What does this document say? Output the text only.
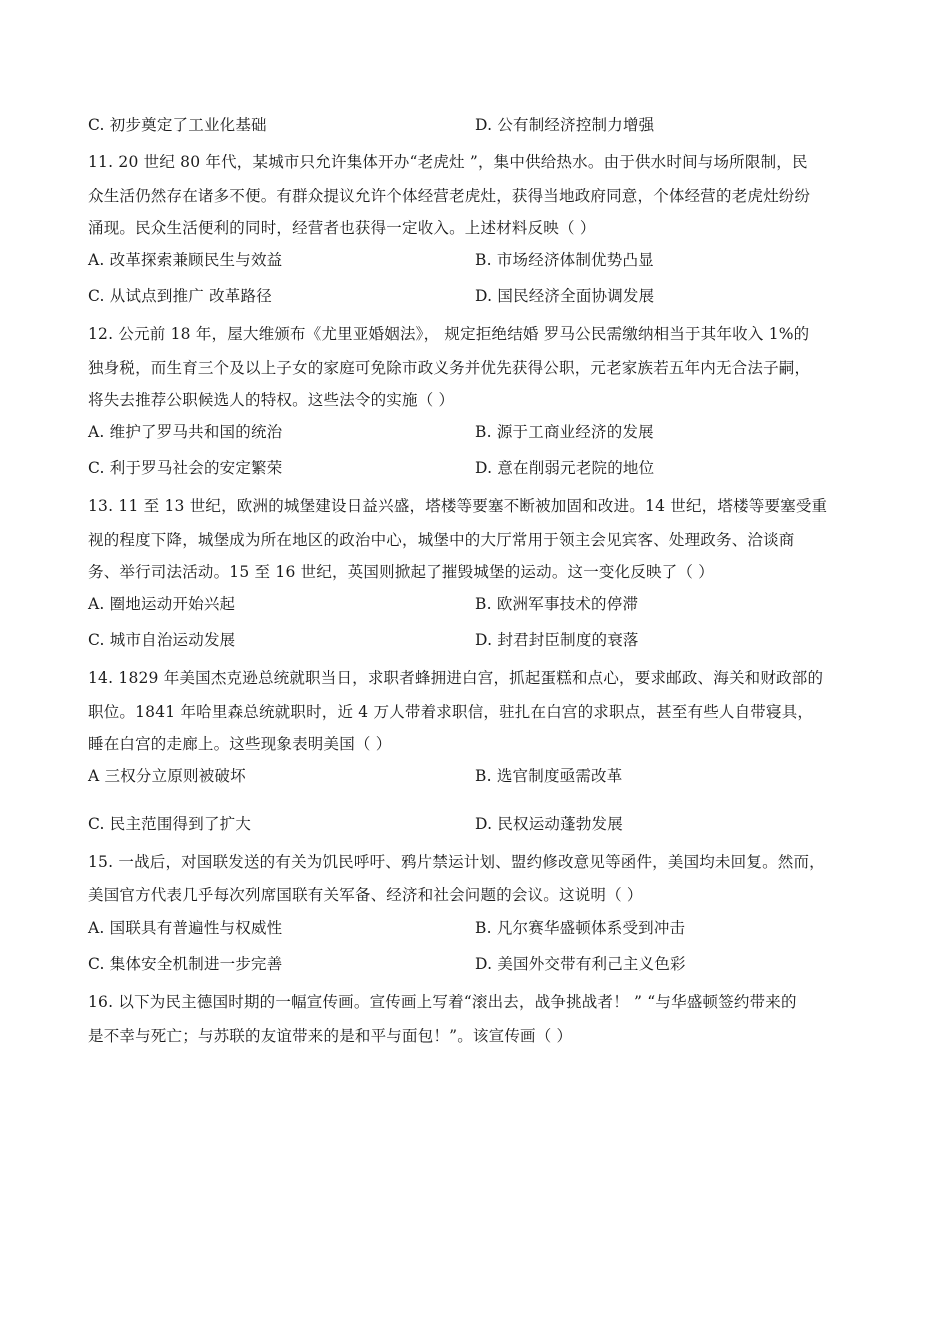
C. 初步奠定了工业化基础	D. 公有制经济控制力增强
11. 20 世纪 80 年代，某城市只允许集体开办“老虎灶 ”，集中供给热水。由于供水时间与场所限制，民
众生活仍然存在诸多不便。有群众提议允许个体经营老虎灶，获得当地政府同意，个体经营的老虎灶纷纷
涌现。民众生活便利的同时，经营者也获得一定收入。上述材料反映（ ）
A. 改革探索兼顾民生与效益	B. 市场经济体制优势凸显
C. 从试点到推广 改革路径	D. 国民经济全面协调发展
12. 公元前 18 年，屋大维颁布《尤里亚婚姻法》， 规定拒绝结婚 罗马公民需缴纳相当于其年收入 1%的
独身税，而生育三个及以上子女的家庭可免除市政义务并优先获得公职，元老家族若五年内无合法子嗣，
将失去推荐公职候选人的特权。这些法令的实施（ ）
A. 维护了罗马共和国的统治	B. 源于工商业经济的发展
C. 利于罗马社会的安定繁荣	D. 意在削弱元老院的地位
13. 11 至 13 世纪，欧洲的城堡建设日益兴盛，塔楼等要塞不断被加固和改进。14 世纪，塔楼等要塞受重
视的程度下降，城堡成为所在地区的政治中心，城堡中的大厅常用于领主会见宾客、处理政务、洽谈商
务、举行司法活动。15 至 16 世纪，英国则掀起了摧毁城堡的运动。这一变化反映了（ ）
A. 圈地运动开始兴起	B. 欧洲军事技术的停滞
C. 城市自治运动发展	D. 封君封臣制度的衰落
14. 1829 年美国杰克逊总统就职当日，求职者蜂拥进白宫，抓起蛋糕和点心，要求邮政、海关和财政部的
职位。1841 年哈里森总统就职时，近 4 万人带着求职信，驻扎在白宫的求职点，甚至有些人自带寝具，
睡在白宫的走廊上。这些现象表明美国（ ）
A 三权分立原则被破坏	B. 选官制度亟需改革
C. 民主范围得到了扩大	D. 民权运动蓬勃发展
15. 一战后，对国联发送的有关为饥民呼吁、鸦片禁运计划、盟约修改意见等函件，美国均未回复。然而，
美国官方代表几乎每次列席国联有关军备、经济和社会问题的会议。这说明（ ）
A. 国联具有普遍性与权威性	B. 凡尔赛华盛顿体系受到冲击
C. 集体安全机制进一步完善	D. 美国外交带有利己主义色彩
16. 以下为民主德国时期的一幅宣传画。宣传画上写着“滚出去，战争挑战者！ ” “与华盛顿签约带来的
是不幸与死亡；与苏联的友谊带来的是和平与面包！”。该宣传画（ ）
